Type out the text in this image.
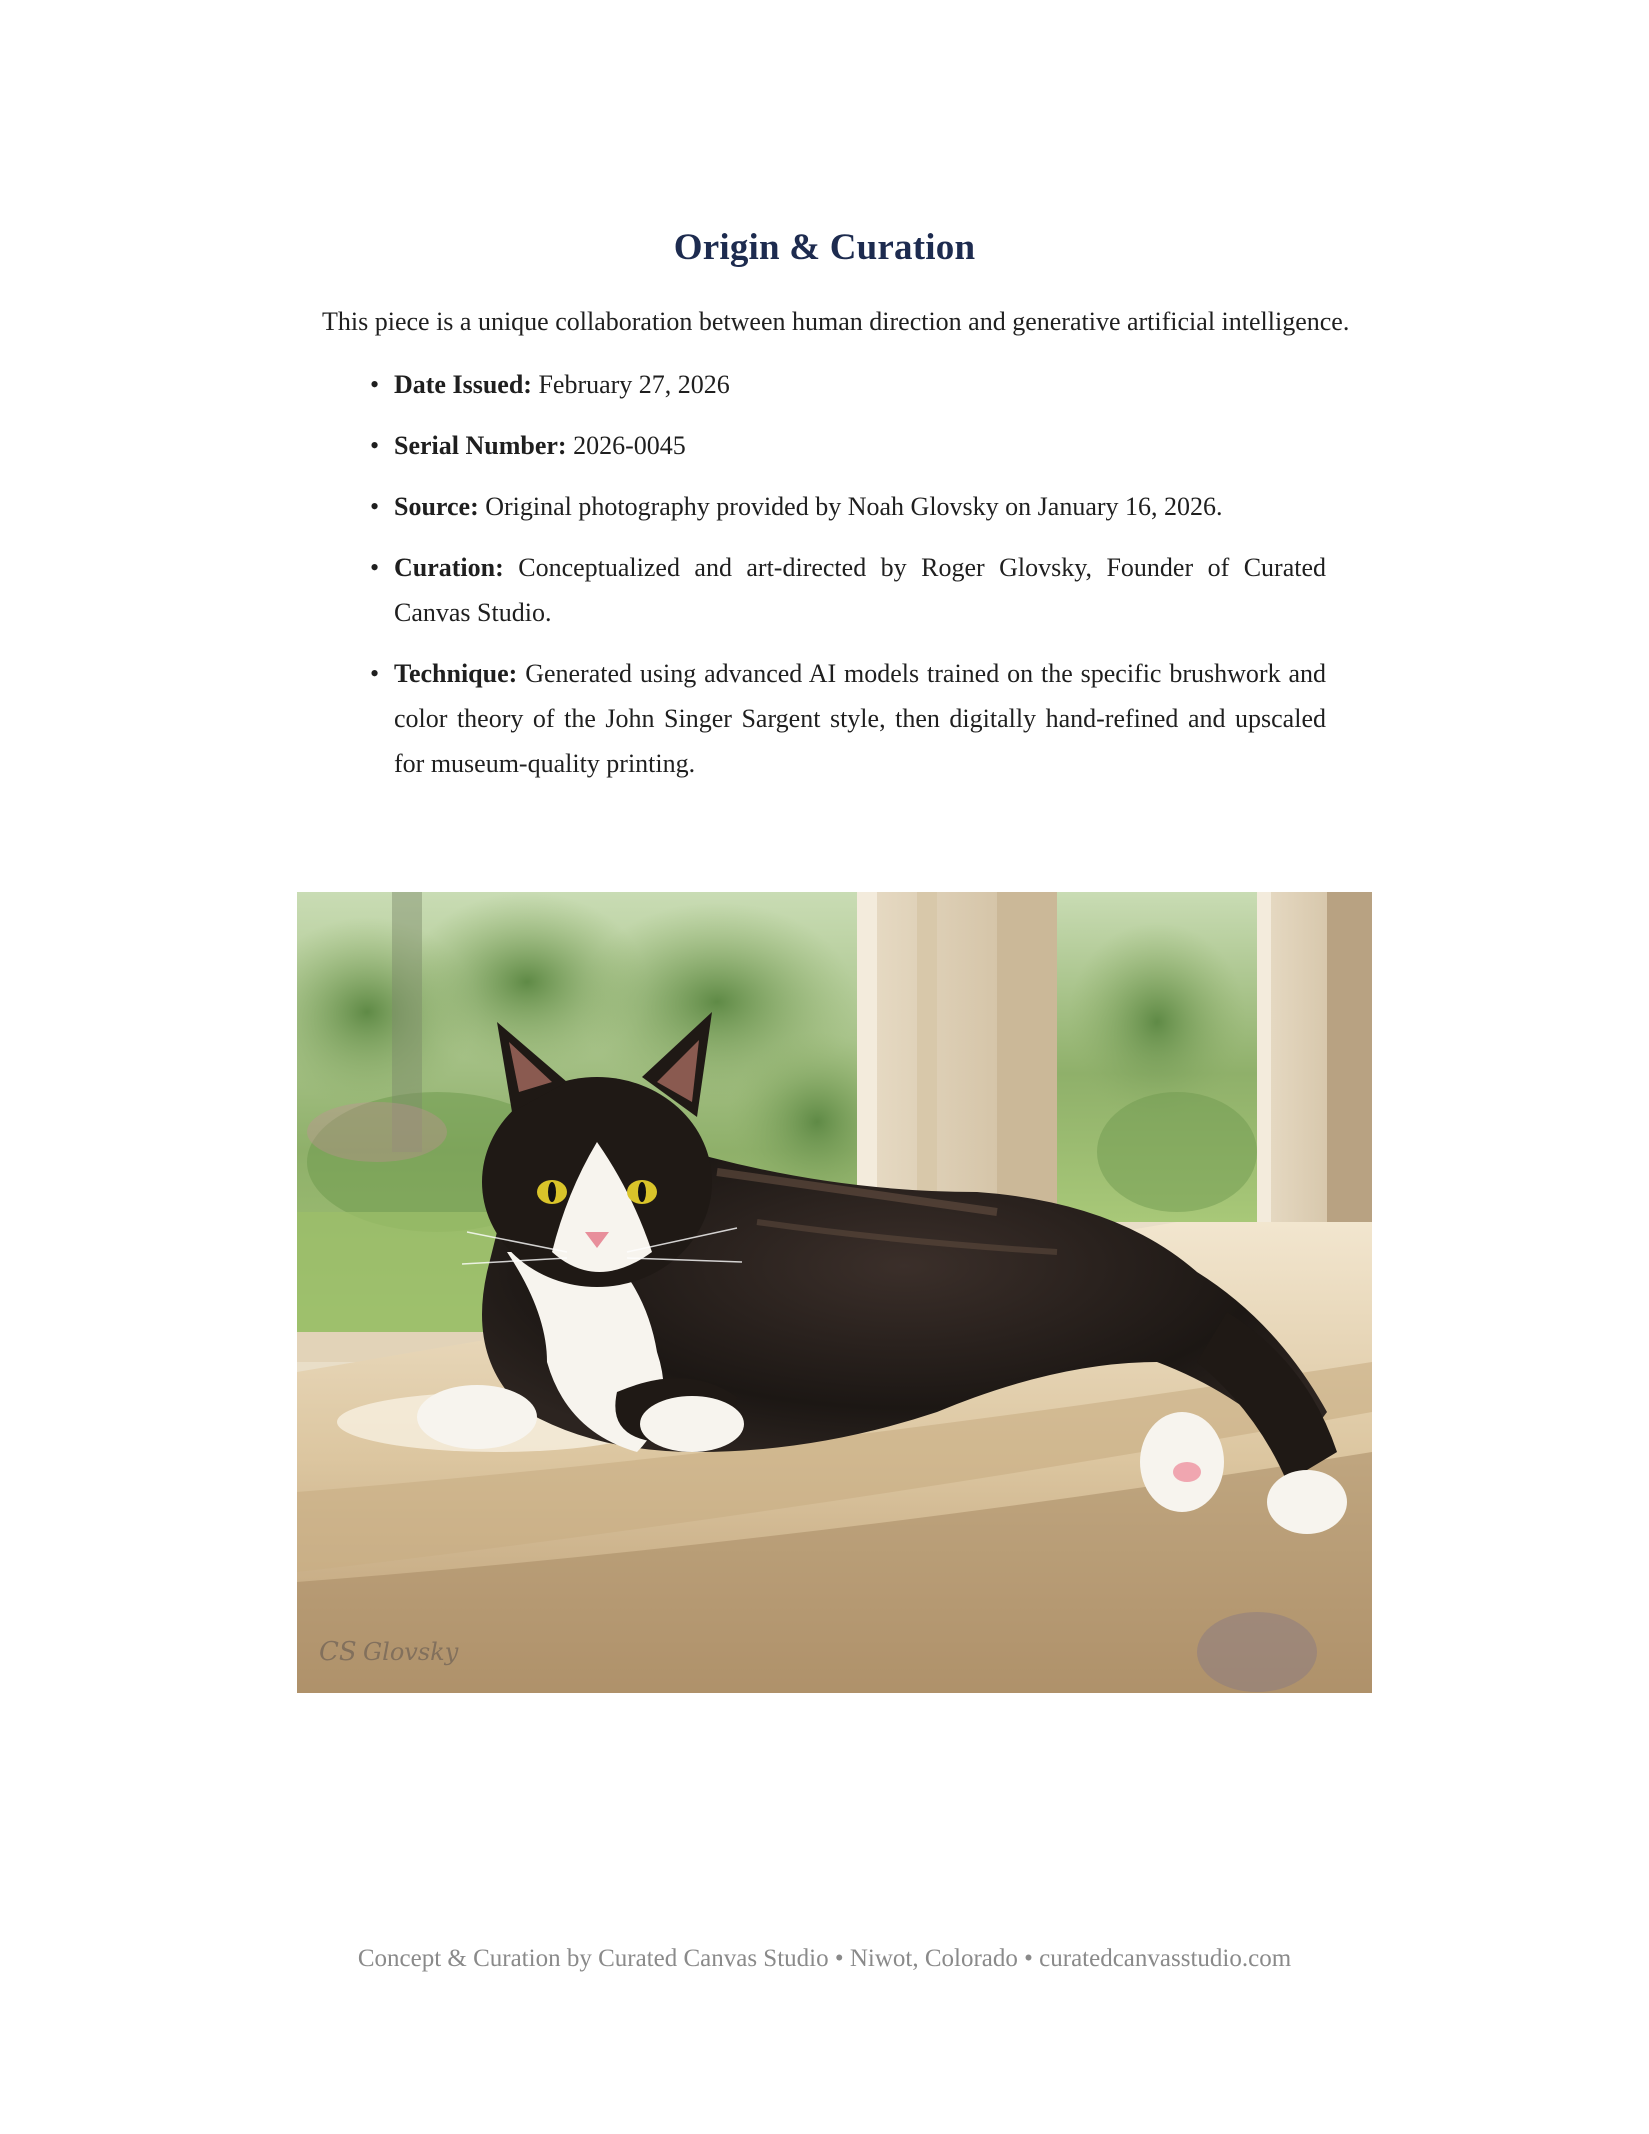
Origin & Curation

This piece is a unique collaboration between human direction and generative artificial intelligence.

• Date Issued: February 27, 2026
• Serial Number: 2026-0045
• Source: Original photography provided by Noah Glovsky on January 16, 2026.
• Curation: Conceptualized and art-directed by Roger Glovsky, Founder of Curated Canvas Studio.
• Technique: Generated using advanced AI models trained on the specific brushwork and color theory of the John Singer Sargent style, then digitally hand-refined and upscaled for museum-quality printing.
CS Glovsky

Concept & Curation by Curated Canvas Studio • Niwot, Colorado • curatedcanvasstudio.com
